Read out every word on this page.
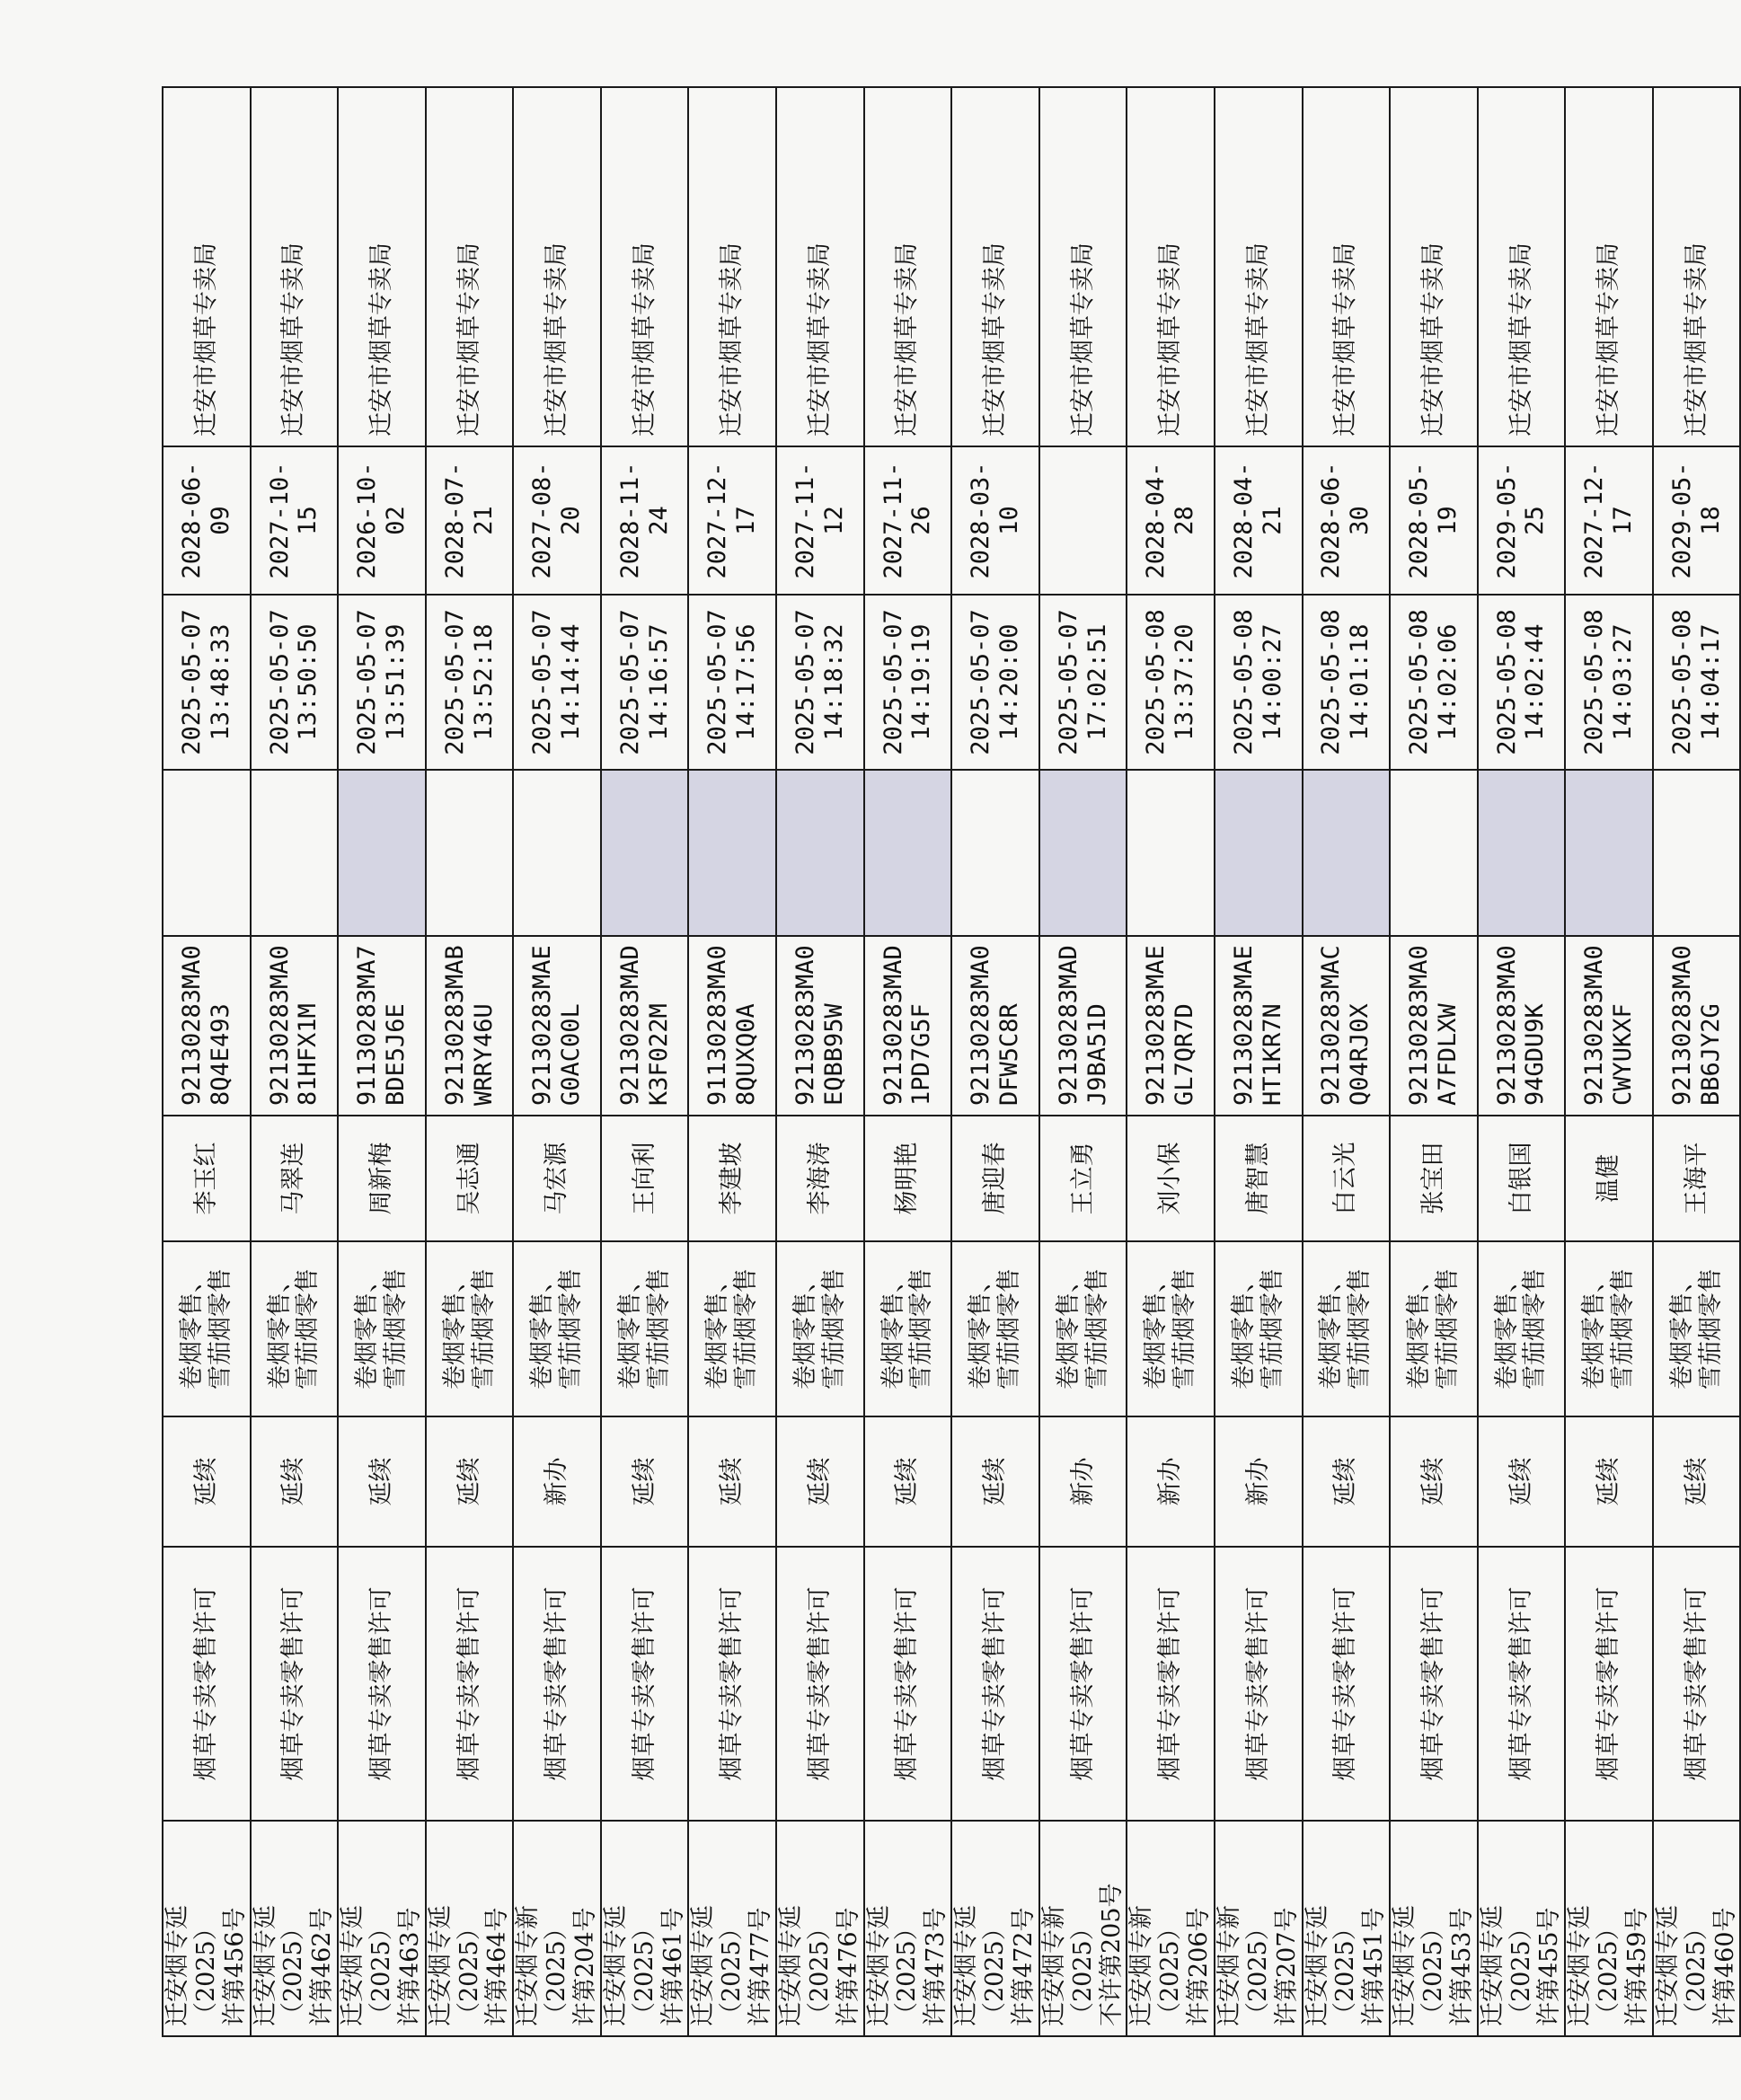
迁安烟专延（2025）
许第456号	烟草专卖零售许可	延续	卷烟零售、
雪茄烟零售	李玉红	92130283MA0
8Q4E493		2025-05-07
13:48:33	2028-06-09	迁安市烟草专卖局
迁安烟专延（2025）
许第462号	烟草专卖零售许可	延续	卷烟零售、
雪茄烟零售	马翠连	92130283MA0
81HFX1M		2025-05-07
13:50:50	2027-10-15	迁安市烟草专卖局
迁安烟专延（2025）
许第463号	烟草专卖零售许可	延续	卷烟零售、
雪茄烟零售	周新梅	91130283MA7
BDE5J6E		2025-05-07
13:51:39	2026-10-02	迁安市烟草专卖局
迁安烟专延（2025）
许第464号	烟草专卖零售许可	延续	卷烟零售、
雪茄烟零售	吴志通	92130283MAB
WRRY46U		2025-05-07
13:52:18	2028-07-21	迁安市烟草专卖局
迁安烟专新（2025）
许第204号	烟草专卖零售许可	新办	卷烟零售、
雪茄烟零售	马宏源	92130283MAE
G0AC00L		2025-05-07
14:14:44	2027-08-20	迁安市烟草专卖局
迁安烟专延（2025）
许第461号	烟草专卖零售许可	延续	卷烟零售、
雪茄烟零售	王向利	92130283MAD
K3F022M		2025-05-07
14:16:57	2028-11-24	迁安市烟草专卖局
迁安烟专延（2025）
许第477号	烟草专卖零售许可	延续	卷烟零售、
雪茄烟零售	李建坡	91130283MA0
8QUXQ0A		2025-05-07
14:17:56	2027-12-17	迁安市烟草专卖局
迁安烟专延（2025）
许第476号	烟草专卖零售许可	延续	卷烟零售、
雪茄烟零售	李海涛	92130283MA0
EQBB95W		2025-05-07
14:18:32	2027-11-12	迁安市烟草专卖局
迁安烟专延（2025）
许第473号	烟草专卖零售许可	延续	卷烟零售、
雪茄烟零售	杨明艳	92130283MAD
1PD7G5F		2025-05-07
14:19:19	2027-11-26	迁安市烟草专卖局
迁安烟专延（2025）
许第472号	烟草专卖零售许可	延续	卷烟零售、
雪茄烟零售	唐迎春	92130283MA0
DFW5C8R		2025-05-07
14:20:00	2028-03-10	迁安市烟草专卖局
迁安烟专新（2025）
不许第205号	烟草专卖零售许可	新办	卷烟零售、
雪茄烟零售	王立勇	92130283MAD
J9BA51D		2025-05-07
17:02:51		迁安市烟草专卖局
迁安烟专新（2025）
许第206号	烟草专卖零售许可	新办	卷烟零售、
雪茄烟零售	刘小保	92130283MAE
GL7QR7D		2025-05-08
13:37:20	2028-04-28	迁安市烟草专卖局
迁安烟专新（2025）
许第207号	烟草专卖零售许可	新办	卷烟零售、
雪茄烟零售	唐智慧	92130283MAE
HT1KR7N		2025-05-08
14:00:27	2028-04-21	迁安市烟草专卖局
迁安烟专延（2025）
许第451号	烟草专卖零售许可	延续	卷烟零售、
雪茄烟零售	白云光	92130283MAC
Q04RJ0X		2025-05-08
14:01:18	2028-06-30	迁安市烟草专卖局
迁安烟专延（2025）
许第453号	烟草专卖零售许可	延续	卷烟零售、
雪茄烟零售	张宝田	92130283MA0
A7FDLXW		2025-05-08
14:02:06	2028-05-19	迁安市烟草专卖局
迁安烟专延（2025）
许第455号	烟草专卖零售许可	延续	卷烟零售、
雪茄烟零售	白银国	92130283MA0
94GDU9K		2025-05-08
14:02:44	2029-05-25	迁安市烟草专卖局
迁安烟专延（2025）
许第459号	烟草专卖零售许可	延续	卷烟零售、
雪茄烟零售	温健	92130283MA0
CWYUKXF		2025-05-08
14:03:27	2027-12-17	迁安市烟草专卖局
迁安烟专延（2025）
许第460号	烟草专卖零售许可	延续	卷烟零售、
雪茄烟零售	王海平	92130283MA0
BB6JY2G		2025-05-08
14:04:17	2029-05-18	迁安市烟草专卖局
